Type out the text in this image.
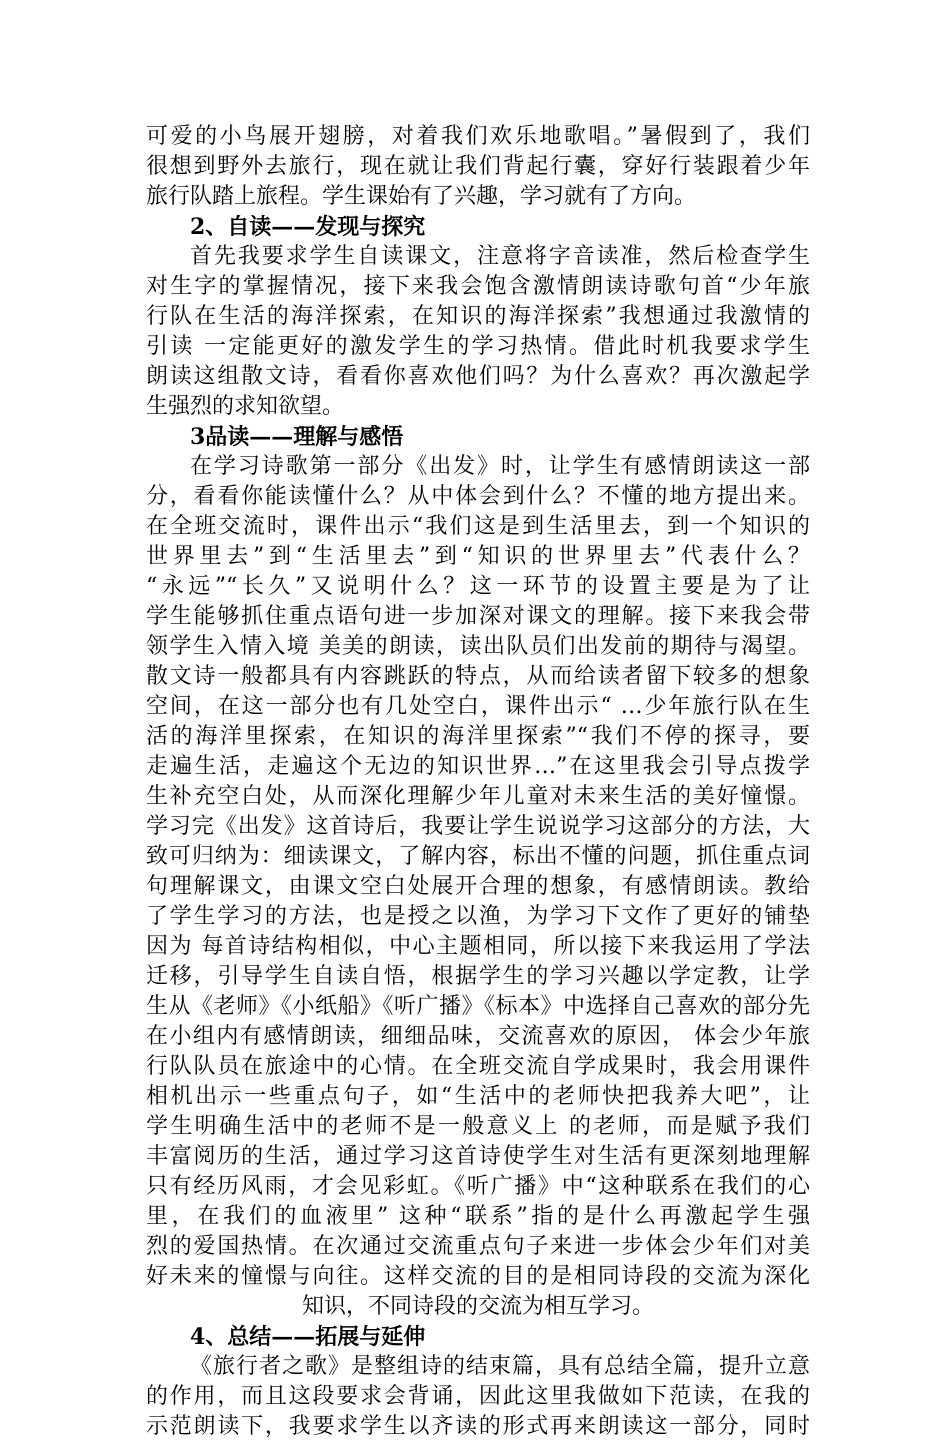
可爱的小鸟展开翅膀，对着我们欢乐地歌唱。”暑假到了，我们
很想到野外去旅行，现在就让我们背起行囊，穿好行装跟着少年
旅行队踏上旅程。学生课始有了兴趣，学习就有了方向。
2、自读——发现与探究
首先我要求学生自读课文，注意将字音读准，然后检查学生
对生字的掌握情况，接下来我会饱含激情朗读诗歌句首“少年旅
行队在生活的海洋探索，在知识的海洋探索”我想通过我激情的
引读 一定能更好的激发学生的学习热情。借此时机我要求学生
朗读这组散文诗，看看你喜欢他们吗？为什么喜欢？再次激起学
生强烈的求知欲望。
3品读——理解与感悟
在学习诗歌第一部分《出发》时，让学生有感情朗读这一部
分，看看你能读懂什么？从中体会到什么？不懂的地方提出来。
在全班交流时，课件出示“我们这是到生活里去，到一个知识的
世界里去”到“生活里去”到“知识的世界里去”代表什么？
“永远”“长久”又说明什么？这一环节的设置主要是为了让
学生能够抓住重点语句进一步加深对课文的理解。接下来我会带
领学生入情入境 美美的朗读，读出队员们出发前的期待与渴望。
散文诗一般都具有内容跳跃的特点，从而给读者留下较多的想象
空间，在这一部分也有几处空白，课件出示“ …少年旅行队在生
活的海洋里探索，在知识的海洋里探索”“我们不停的探寻，要
走遍生活，走遍这个无边的知识世界…”在这里我会引导点拨学
生补充空白处，从而深化理解少年儿童对未来生活的美好憧憬。
学习完《出发》这首诗后，我要让学生说说学习这部分的方法，大
致可归纳为：细读课文，了解内容，标出不懂的问题，抓住重点词
句理解课文，由课文空白处展开合理的想象，有感情朗读。教给
了学生学习的方法，也是授之以渔，为学习下文作了更好的铺垫
因为 每首诗结构相似，中心主题相同，所以接下来我运用了学法
迁移，引导学生自读自悟，根据学生的学习兴趣以学定教，让学
生从《老师》《小纸船》《听广播》《标本》中选择自己喜欢的部分先
在小组内有感情朗读，细细品味，交流喜欢的原因， 体会少年旅
行队队员在旅途中的心情。在全班交流自学成果时，我会用课件
相机出示一些重点句子，如“生活中的老师快把我养大吧”，让
学生明确生活中的老师不是一般意义上 的老师，而是赋予我们
丰富阅历的生活，通过学习这首诗使学生对生活有更深刻地理解
只有经历风雨，才会见彩虹。《听广播》中“这种联系在我们的心
里，在我们的血液里” 这种“联系”指的是什么再激起学生强
烈的爱国热情。在次通过交流重点句子来进一步体会少年们对美
好未来的憧憬与向往。这样交流的目的是相同诗段的交流为深化
知识，不同诗段的交流为相互学习。
4、总结——拓展与延伸
《旅行者之歌》是整组诗的结束篇，具有总结全篇，提升立意
的作用，而且这段要求会背诵，因此这里我做如下范读，在我的
示范朗读下，我要求学生以齐读的形式再来朗读这一部分，同时
